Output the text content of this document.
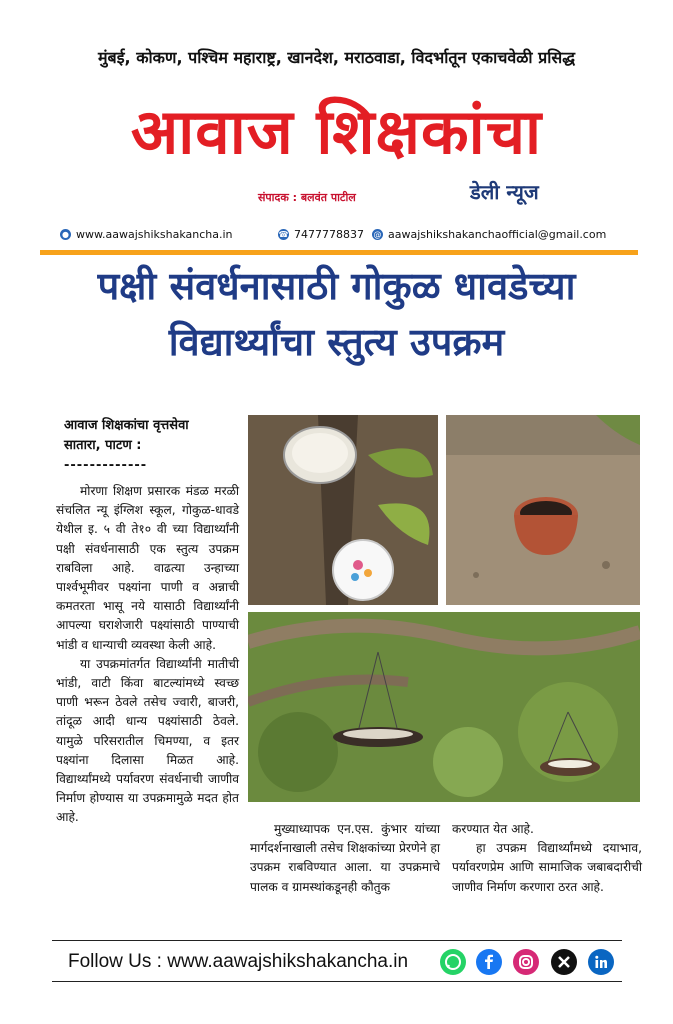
मुंबई, कोकण, पश्चिम महाराष्ट्र, खानदेश, मराठवाडा, विदर्भातून एकाचवेळी प्रसिद्ध
आवाज शिक्षकांचा
संपादक : बलवंत पाटील	डेली न्यूज
● www.aawajshikshakancha.in	☎ 7477778837 @ aawajshikshakanchaofficial@gmail.com
पक्षी संवर्धनासाठी गोकुळ धावडेच्या
विद्यार्थ्यांचा स्तुत्य उपक्रम
आवाज शिक्षकांचा वृत्तसेवा
सातारा, पाटण :
-------------

मोरणा शिक्षण प्रसारक मंडळ मरळी संचलित न्यू इंग्लिश स्कूल, गोकुळ-धावडे येथील इ. ५ वी ते१० वी च्या विद्यार्थ्यांनी पक्षी संवर्धनासाठी एक स्तुत्य उपक्रम राबविला आहे. वाढत्या उन्हाच्या पार्श्वभूमीवर पक्ष्यांना पाणी व अन्नाची कमतरता भासू नये यासाठी विद्यार्थ्यांनी आपल्या घराशेजारी पक्ष्यांसाठी पाण्याची भांडी व धान्याची व्यवस्था केली आहे.

या उपक्रमांतर्गत विद्यार्थ्यांनी मातीची भांडी, वाटी किंवा बाटल्यांमध्ये स्वच्छ पाणी भरून ठेवले तसेच ज्वारी, बाजरी, तांदूळ आदी धान्य पक्ष्यांसाठी ठेवले. यामुळे परिसरातील चिमण्या, व इतर पक्ष्यांना दिलासा मिळत आहे. विद्यार्थ्यांमध्ये पर्यावरण संवर्धनाची जाणीव निर्माण होण्यास या उपक्रमामुळे मदत होत आहे.

मुख्याध्यापक एन.एस. कुंभार यांच्या मार्गदर्शनाखाली तसेच शिक्षकांच्या प्रेरणेने हा उपक्रम राबविण्यात आला. या उपक्रमाचे पालक व ग्रामस्थांकडूनही कौतुक

करण्यात येत आहे.

हा उपक्रम विद्यार्थ्यांमध्ये दयाभाव, पर्यावरणप्रेम आणि सामाजिक जबाबदारीची जाणीव निर्माण करणारा ठरत आहे.

Follow Us : www.aawajshikshakancha.in
